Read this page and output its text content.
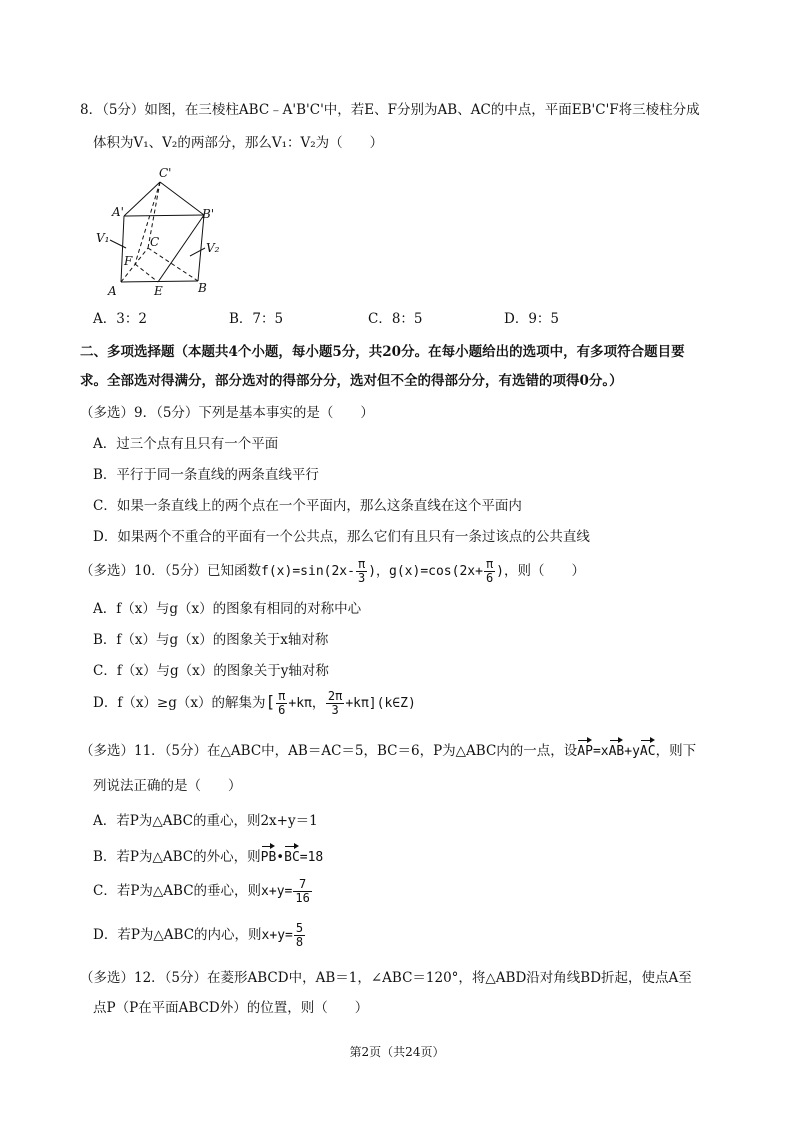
8．（5分）如图，在三棱柱ABC﹣A'B'C'中，若E、F分别为AB、AC的中点，平面EB'C'F将三棱柱分成
体积为V₁、V₂的两部分，那么V₁：V₂为（　　）
C'
A'	B'
V₁	C	V₂
F
A	E	B
A．3：2	B．7：5	C．8：5	D．9：5
二、多项选择题（本题共4个小题，每小题5分，共20分。在每小题给出的选项中，有多项符合题目要
求。全部选对得满分，部分选对的得部分分，选对但不全的得部分分，有选错的项得0分。）
（多选）9．（5分）下列是基本事实的是（　　）
A．过三个点有且只有一个平面
B．平行于同一条直线的两条直线平行
C．如果一条直线上的两个点在一个平面内，那么这条直线在这个平面内
D．如果两个不重合的平面有一个公共点，那么它们有且只有一条过该点的公共直线
（多选）10．（5分）已知函数$f(x)=\sin(2x- \frac{\pi}{3}$ )，$g(x)=\cos(2x+ \frac{\pi}{6}$ )，则（　　）
A．f（x）与g（x）的图象有相同的对称中心
B．f（x）与g（x）的图象关于x轴对称
C．f（x）与g（x）的图象关于y轴对称
D．f（x）≥g（x）的解集为[ $\frac{\pi}{6} +k\pi$， $\frac{2\pi}{3}$ +kπ](k∈Z)
（多选）11．（5分）在△ABC中，AB＝AC＝5，BC＝6，P为△ABC内的一点，设AP=xAB+yAC，则下
列说法正确的是（　　）
A．若P为△ABC的重心，则2x+y＝1
B．若P为△ABC的外心，则PB•BC=18
C．若P为△ABC的垂心，则$x+y= \frac{7}{16}$
D．若P为△ABC的内心，则$x+y= \frac{5}{8}$
（多选）12．（5分）在菱形ABCD中，AB＝1，∠ABC＝120°，将△ABD沿对角线BD折起，使点A至
点P（P在平面ABCD外）的位置，则（　　）
第2页（共24页）
